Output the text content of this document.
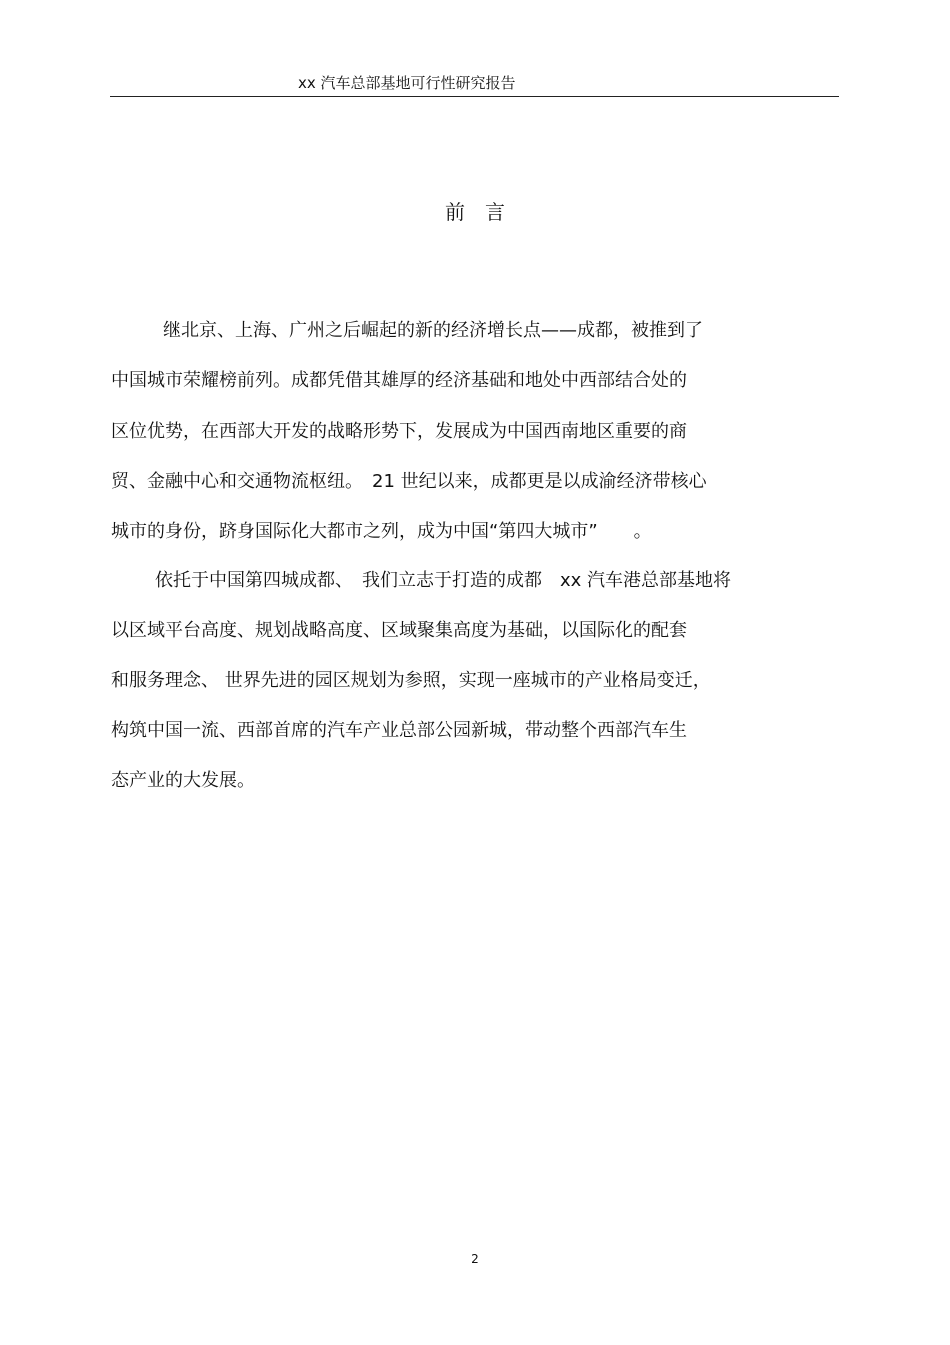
xx 汽车总部基地可行性研究报告
前　言
继北京、上海、广州之后崛起的新的经济增长点——成都，被推到了
中国城市荣耀榜前列。成都凭借其雄厚的经济基础和地处中西部结合处的
区位优势，在西部大开发的战略形势下，发展成为中国西南地区重要的商
贸、金融中心和交通物流枢纽。　21 世纪以来，成都更是以成渝经济带核心
城市的身份，跻身国际化大都市之列，成为中国“第四大城市”　　。
依托于中国第四城成都、　我们立志于打造的成都　xx 汽车港总部基地将
以区域平台高度、规划战略高度、区域聚集高度为基础，以国际化的配套
和服务理念、 世界先进的园区规划为参照，实现一座城市的产业格局变迁，
构筑中国一流、西部首席的汽车产业总部公园新城，带动整个西部汽车生
态产业的大发展。
2
